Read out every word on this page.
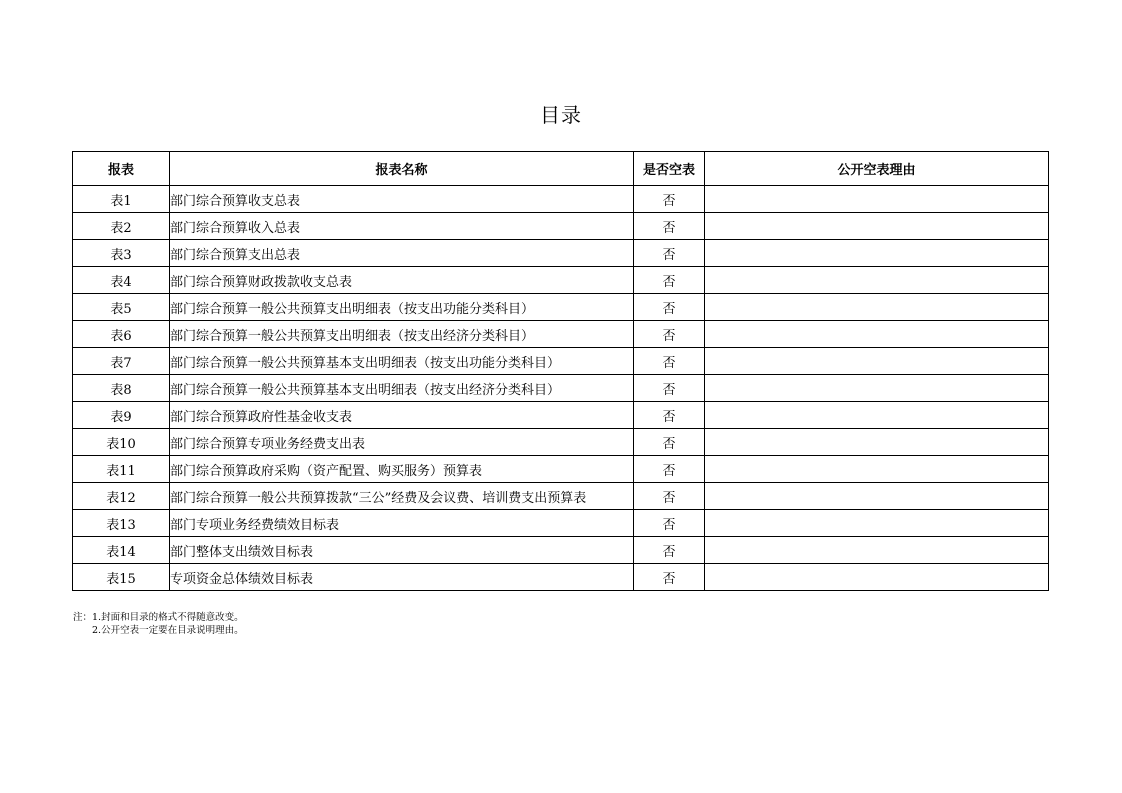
目录
报表	报表名称	是否空表	公开空表理由
表1	部门综合预算收支总表	否	
表2	部门综合预算收入总表	否	
表3	部门综合预算支出总表	否	
表4	部门综合预算财政拨款收支总表	否	
表5	部门综合预算一般公共预算支出明细表（按支出功能分类科目）	否	
表6	部门综合预算一般公共预算支出明细表（按支出经济分类科目）	否	
表7	部门综合预算一般公共预算基本支出明细表（按支出功能分类科目）	否	
表8	部门综合预算一般公共预算基本支出明细表（按支出经济分类科目）	否	
表9	部门综合预算政府性基金收支表	否	
表10	部门综合预算专项业务经费支出表	否	
表11	部门综合预算政府采购（资产配置、购买服务）预算表	否	
表12	部门综合预算一般公共预算拨款“三公”经费及会议费、培训费支出预算表	否	
表13	部门专项业务经费绩效目标表	否	
表14	部门整体支出绩效目标表	否	
表15	专项资金总体绩效目标表	否	
注：1.封面和目录的格式不得随意改变。
2.公开空表一定要在目录说明理由。
